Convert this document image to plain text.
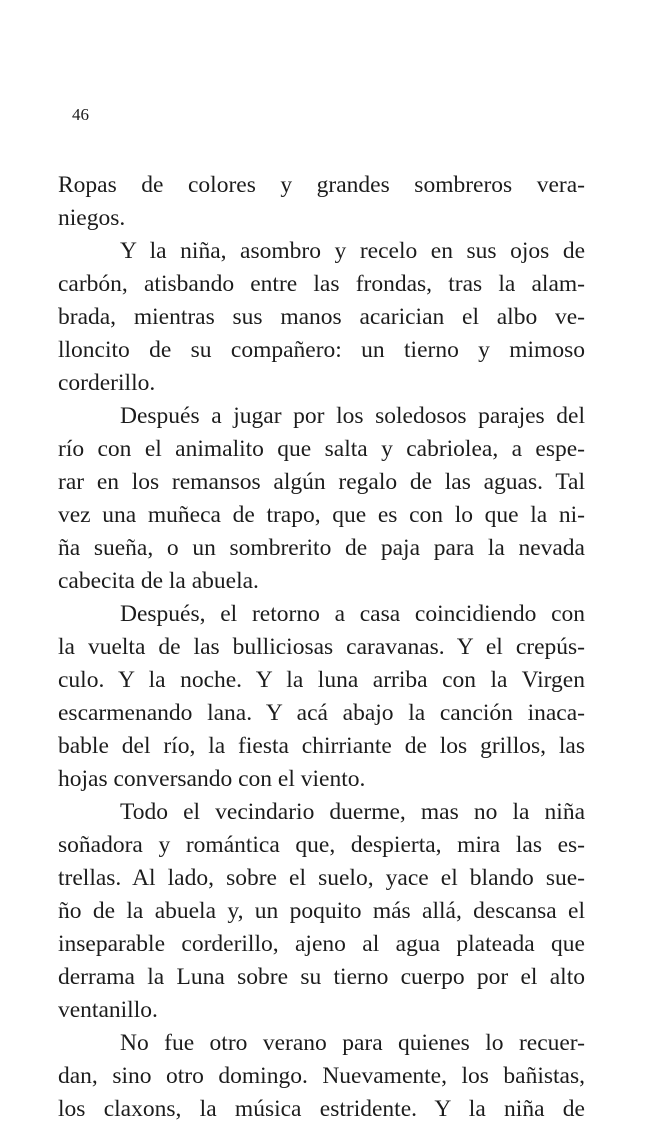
46
Ropas de colores y grandes sombreros vera-
niegos.
Y la niña, asombro y recelo en sus ojos de
carbón, atisbando entre las frondas, tras la alam-
brada, mientras sus manos acarician el albo ve-
lloncito de su compañero: un tierno y mimoso
corderillo.
Después a jugar por los soledosos parajes del
río con el animalito que salta y cabriolea, a espe-
rar en los remansos algún regalo de las aguas. Tal
vez una muñeca de trapo, que es con lo que la ni-
ña sueña, o un sombrerito de paja para la nevada
cabecita de la abuela.
Después, el retorno a casa coincidiendo con
la vuelta de las bulliciosas caravanas. Y el crepús-
culo. Y la noche. Y la luna arriba con la Virgen
escarmenando lana. Y acá abajo la canción inaca-
bable del río, la fiesta chirriante de los grillos, las
hojas conversando con el viento.
Todo el vecindario duerme, mas no la niña
soñadora y romántica que, despierta, mira las es-
trellas. Al lado, sobre el suelo, yace el blando sue-
ño de la abuela y, un poquito más allá, descansa el
inseparable corderillo, ajeno al agua plateada que
derrama la Luna sobre su tierno cuerpo por el alto
ventanillo.
No fue otro verano para quienes lo recuer-
dan, sino otro domingo. Nuevamente, los bañistas,
los claxons, la música estridente. Y la niña de
